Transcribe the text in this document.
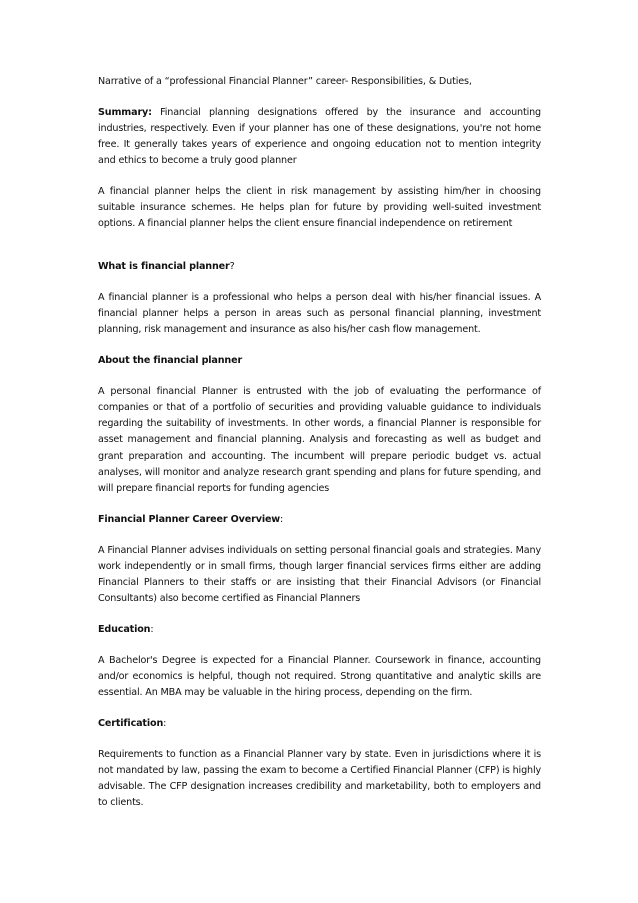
Narrative of a “professional Financial Planner” career- Responsibilities, & Duties,

Summary: Financial planning designations offered by the insurance and accounting industries, respectively. Even if your planner has one of these designations, you're not home free. It generally takes years of experience and ongoing education not to mention integrity and ethics to become a truly good planner

A financial planner helps the client in risk management by assisting him/her in choosing suitable insurance schemes. He helps plan for future by providing well-suited investment options. A financial planner helps the client ensure financial independence on retirement

What is financial planner?

A financial planner is a professional who helps a person deal with his/her financial issues. A financial planner helps a person in areas such as personal financial planning, investment planning, risk management and insurance as also his/her cash flow management.

About the financial planner

A personal financial Planner is entrusted with the job of evaluating the performance of companies or that of a portfolio of securities and providing valuable guidance to individuals regarding the suitability of investments. In other words, a financial Planner is responsible for asset management and financial planning. Analysis and forecasting as well as budget and grant preparation and accounting. The incumbent will prepare periodic budget vs. actual analyses, will monitor and analyze research grant spending and plans for future spending, and will prepare financial reports for funding agencies

Financial Planner Career Overview:

A Financial Planner advises individuals on setting personal financial goals and strategies. Many work independently or in small firms, though larger financial services firms either are adding Financial Planners to their staffs or are insisting that their Financial Advisors (or Financial Consultants) also become certified as Financial Planners

Education:

A Bachelor's Degree is expected for a Financial Planner. Coursework in finance, accounting and/or economics is helpful, though not required. Strong quantitative and analytic skills are essential. An MBA may be valuable in the hiring process, depending on the firm.

Certification:

Requirements to function as a Financial Planner vary by state. Even in jurisdictions where it is not mandated by law, passing the exam to become a Certified Financial Planner (CFP) is highly advisable. The CFP designation increases credibility and marketability, both to employers and to clients.
